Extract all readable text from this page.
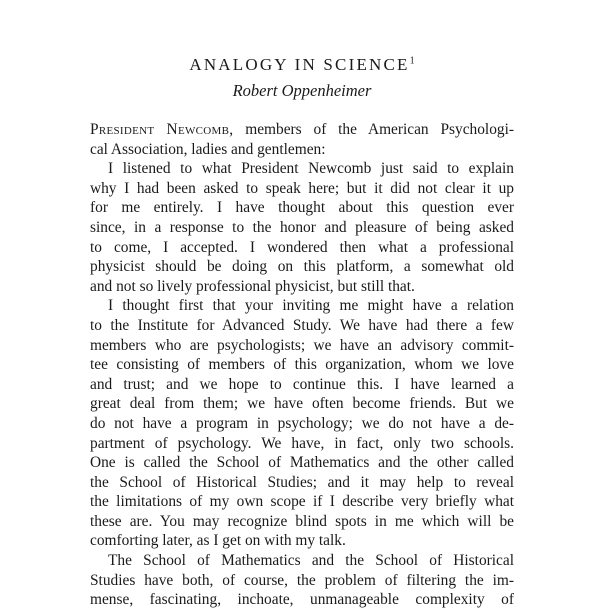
ANALOGY IN SCIENCE$^1$
Robert Oppenheimer
President Newcomb, members of the American Psychologi-
cal Association, ladies and gentlemen:
I listened to what President Newcomb just said to explain
why I had been asked to speak here; but it did not clear it up
for me entirely. I have thought about this question ever
since, in a response to the honor and pleasure of being asked
to come, I accepted. I wondered then what a professional
physicist should be doing on this platform, a somewhat old
and not so lively professional physicist, but still that.
I thought first that your inviting me might have a relation
to the Institute for Advanced Study. We have had there a few
members who are psychologists; we have an advisory commit-
tee consisting of members of this organization, whom we love
and trust; and we hope to continue this. I have learned a
great deal from them; we have often become friends. But we
do not have a program in psychology; we do not have a de-
partment of psychology. We have, in fact, only two schools.
One is called the School of Mathematics and the other called
the School of Historical Studies; and it may help to reveal
the limitations of my own scope if I describe very briefly what
these are. You may recognize blind spots in me which will be
comforting later, as I get on with my talk.
The School of Mathematics and the School of Historical
Studies have both, of course, the problem of filtering the im-
mense, fascinating, inchoate, unmanageable complexity of
